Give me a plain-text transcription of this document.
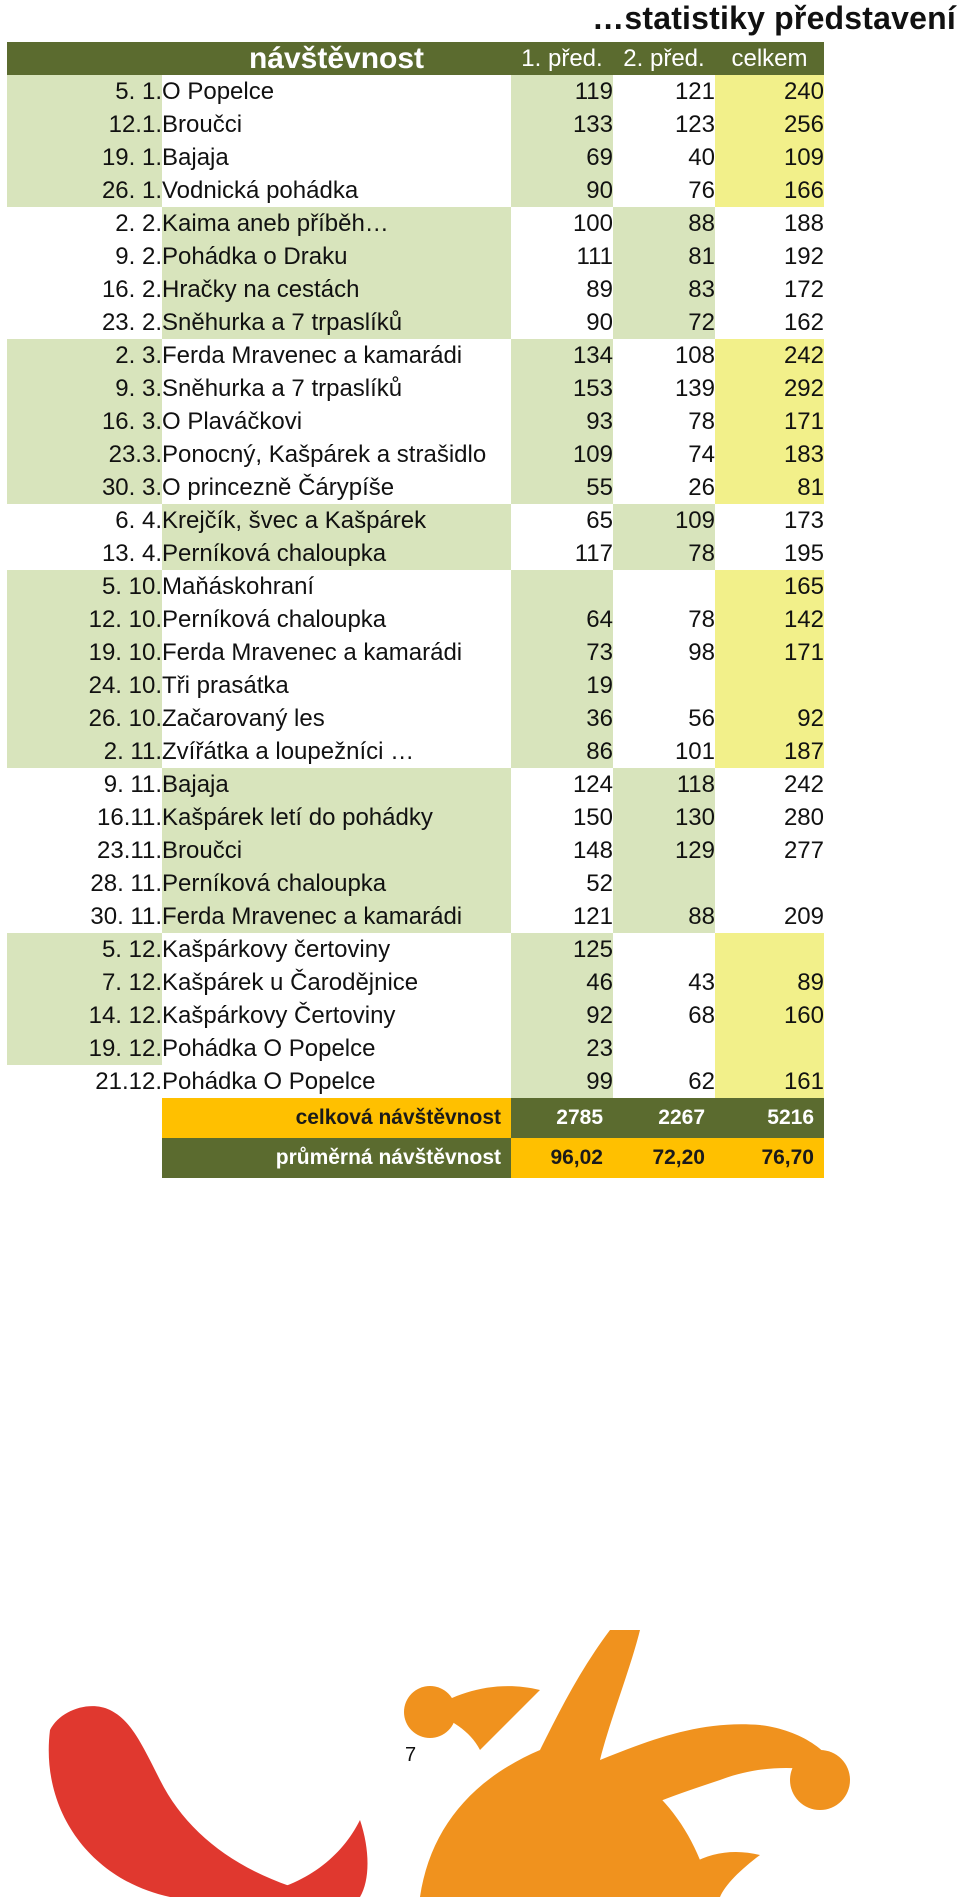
…statistiky představení
	návštěvnost	1. před.	2. před.	celkem
5. 1.	O Popelce	119	121	240
12.1.	Broučci	133	123	256
19. 1.	Bajaja	69	40	109
26. 1.	Vodnická pohádka	90	76	166
2. 2.	Kaima aneb příběh…	100	88	188
9. 2.	Pohádka o Draku	111	81	192
16. 2.	Hračky na cestách	89	83	172
23. 2.	Sněhurka a 7 trpaslíků	90	72	162
2. 3.	Ferda Mravenec a kamarádi	134	108	242
9. 3.	Sněhurka a 7 trpaslíků	153	139	292
16. 3.	O Plaváčkovi	93	78	171
23.3.	Ponocný, Kašpárek a strašidlo	109	74	183
30. 3.	O princezně Čárypíše	55	26	81
6. 4.	Krejčík, švec a Kašpárek	65	109	173
13. 4.	Perníková chaloupka	117	78	195
5. 10.	Maňáskohraní			165
12. 10.	Perníková chaloupka	64	78	142
19. 10.	Ferda Mravenec a kamarádi	73	98	171
24. 10.	Tři prasátka	19		
26. 10.	Začarovaný les	36	56	92
2. 11.	Zvířátka a loupežníci …	86	101	187
9. 11.	Bajaja	124	118	242
16.11.	Kašpárek letí do pohádky	150	130	280
23.11.	Broučci	148	129	277
28. 11.	Perníková chaloupka	52		
30. 11.	Ferda Mravenec a kamarádi	121	88	209
5. 12.	Kašpárkovy čertoviny	125		
7. 12.	Kašpárek u Čarodějnice	46	43	89
14. 12.	Kašpárkovy Čertoviny	92	68	160
19. 12.	Pohádka O Popelce	23		
21.12.	Pohádka O Popelce	99	62	161
	celková návštěvnost	2785	2267	5216
	průměrná návštěvnost	96,02	72,20	76,70
7
